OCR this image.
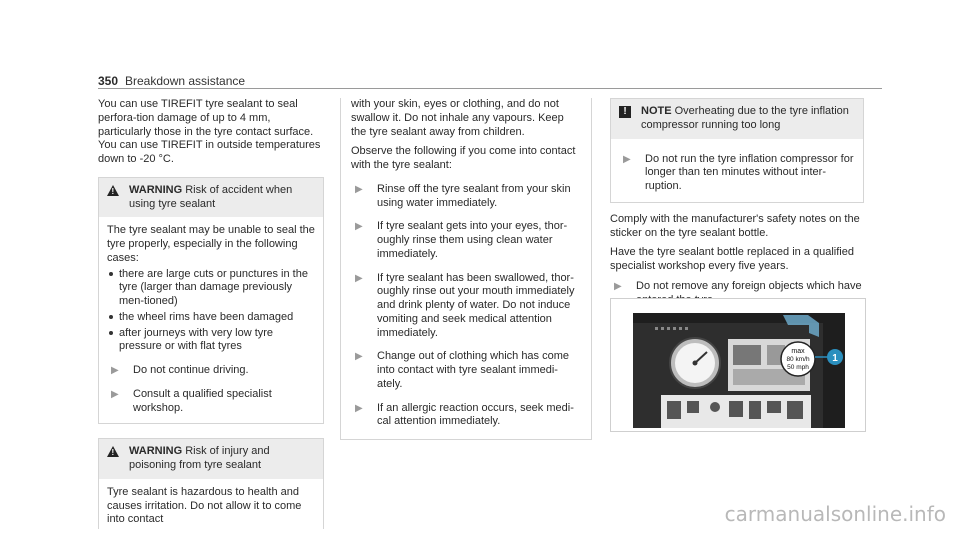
350 Breakdown assistance

You can use TIREFIT tyre sealant to seal perfora-tion damage of up to 4 mm, particularly those in the tyre contact surface. You can use TIREFIT in outside temperatures down to -20 °C.

! WARNING Risk of accident when using tyre sealant
The tyre sealant may be unable to seal the tyre properly, especially in the following cases:
there are large cuts or punctures in the tyre (larger than damage previously men-tioned)
the wheel rims have been damaged
after journeys with very low tyre pressure or with flat tyres
▶	Do not continue driving.
▶	Consult a qualified specialist workshop.
! WARNING Risk of injury and poisoning from tyre sealant
Tyre sealant is hazardous to health and causes irritation. Do not allow it to come into contact

with your skin, eyes or clothing, and do not swallow it. Do not inhale any vapours. Keep the tyre sealant away from children.

Observe the following if you come into contact with the tyre sealant:

▶	Rinse off the tyre sealant from your skin using water immediately.
▶	If tyre sealant gets into your eyes, thor-oughly rinse them using clean water immediately.
▶	If tyre sealant has been swallowed, thor-oughly rinse out your mouth immediately and drink plenty of water. Do not induce vomiting and seek medical attention immediately.
▶	Change out of clothing which has come into contact with tyre sealant immedi-ately.
▶	If an allergic reaction occurs, seek medi-cal attention immediately.
!	NOTE Overheating due to the tyre inflation compressor running too long
▶	Do not run the tyre inflation compressor for longer than ten minutes without inter-ruption.

Comply with the manufacturer's safety notes on the sticker on the tyre sealant bottle.

Have the tyre sealant bottle replaced in a qualified specialist workshop every five years.

▶	Do not remove any foreign objects which have
max
80 km/h
50 mph
1
carmanualsonline.info
